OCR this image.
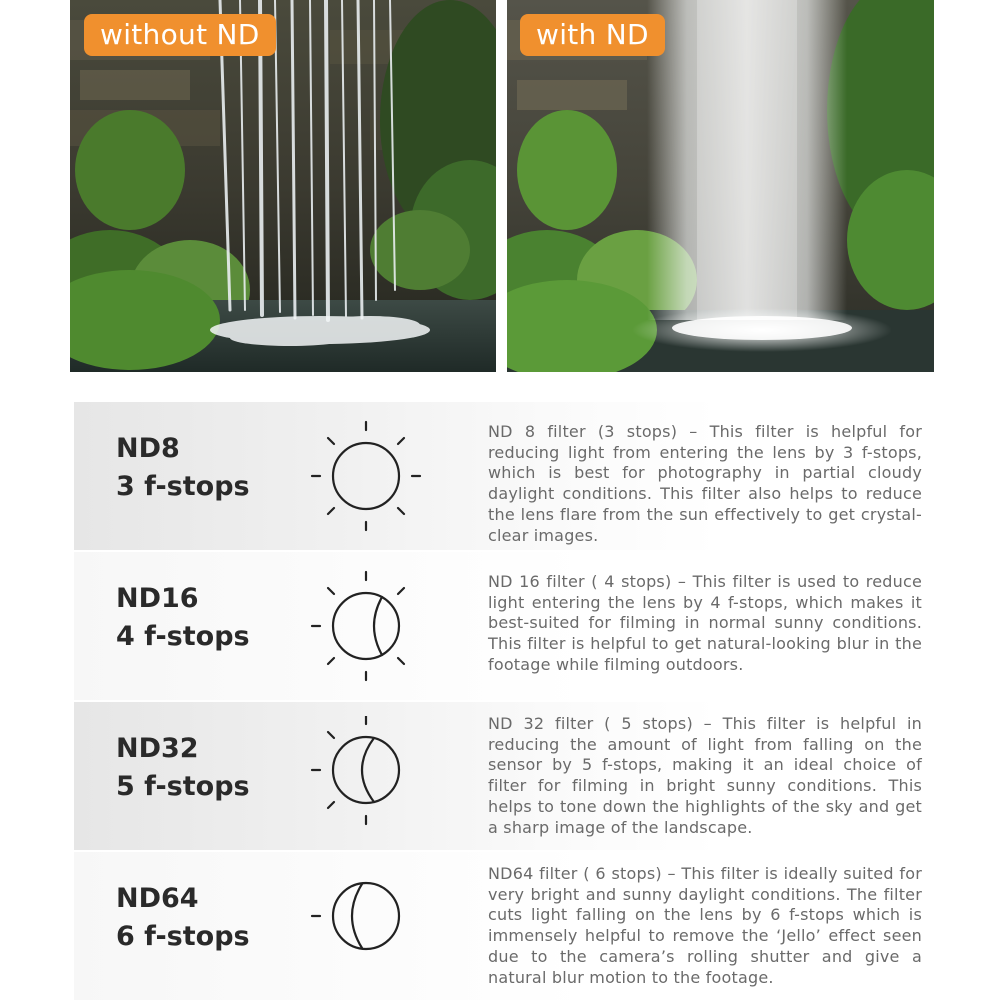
without ND	with ND
ND8
3 f-stops
ND 8 filter (3 stops) – This filter is helpful for reducing light from entering the lens by 3 f-stops, which is best for photography in partial cloudy daylight conditions. This filter also helps to reduce the lens flare from the sun effectively to get crystal-clear images.
ND16
4 f-stops
ND 16 filter ( 4 stops) – This filter is used to reduce light entering the lens by 4 f-stops, which makes it best-suited for filming in normal sunny conditions. This filter is helpful to get natural-looking blur in the footage while filming outdoors.
ND32
5 f-stops
ND 32 filter ( 5 stops) – This filter is helpful in reducing the amount of light from falling on the sensor by 5 f-stops, making it an ideal choice of filter for filming in bright sunny conditions. This helps to tone down the highlights of the sky and get a sharp image of the landscape.
ND64
6 f-stops
ND64 filter ( 6 stops) – This filter is ideally suited for very bright and sunny daylight conditions. The filter cuts light falling on the lens by 6 f-stops which is immensely helpful to remove the ‘Jello’ effect seen due to the camera’s rolling shutter and give a natural blur motion to the footage.
